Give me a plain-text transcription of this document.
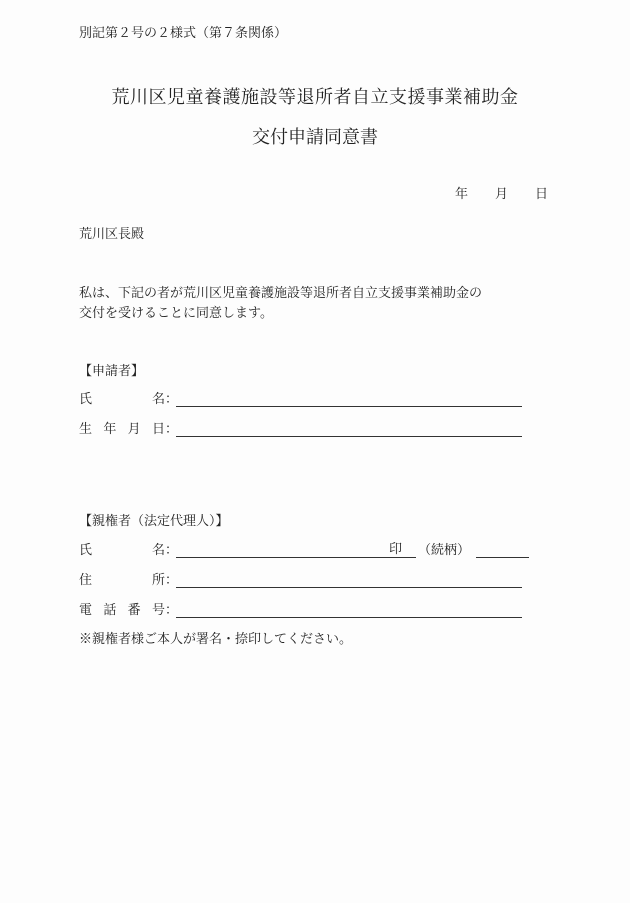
別記第２号の２様式（第７条関係）
荒川区児童養護施設等退所者自立支援事業補助金
交付申請同意書
年 月 日
荒川区長殿
私は、下記の者が荒川区児童養護施設等退所者自立支援事業補助金の
交付を受けることに同意します。
【申請者】
氏	名 ：
生 年 月 日 ：
【親権者（法定代理人）】
氏	名 ：	印 （続柄）
住	所 ：
電 話 番 号 ：
※親権者様ご本人が署名・捺印してください。
